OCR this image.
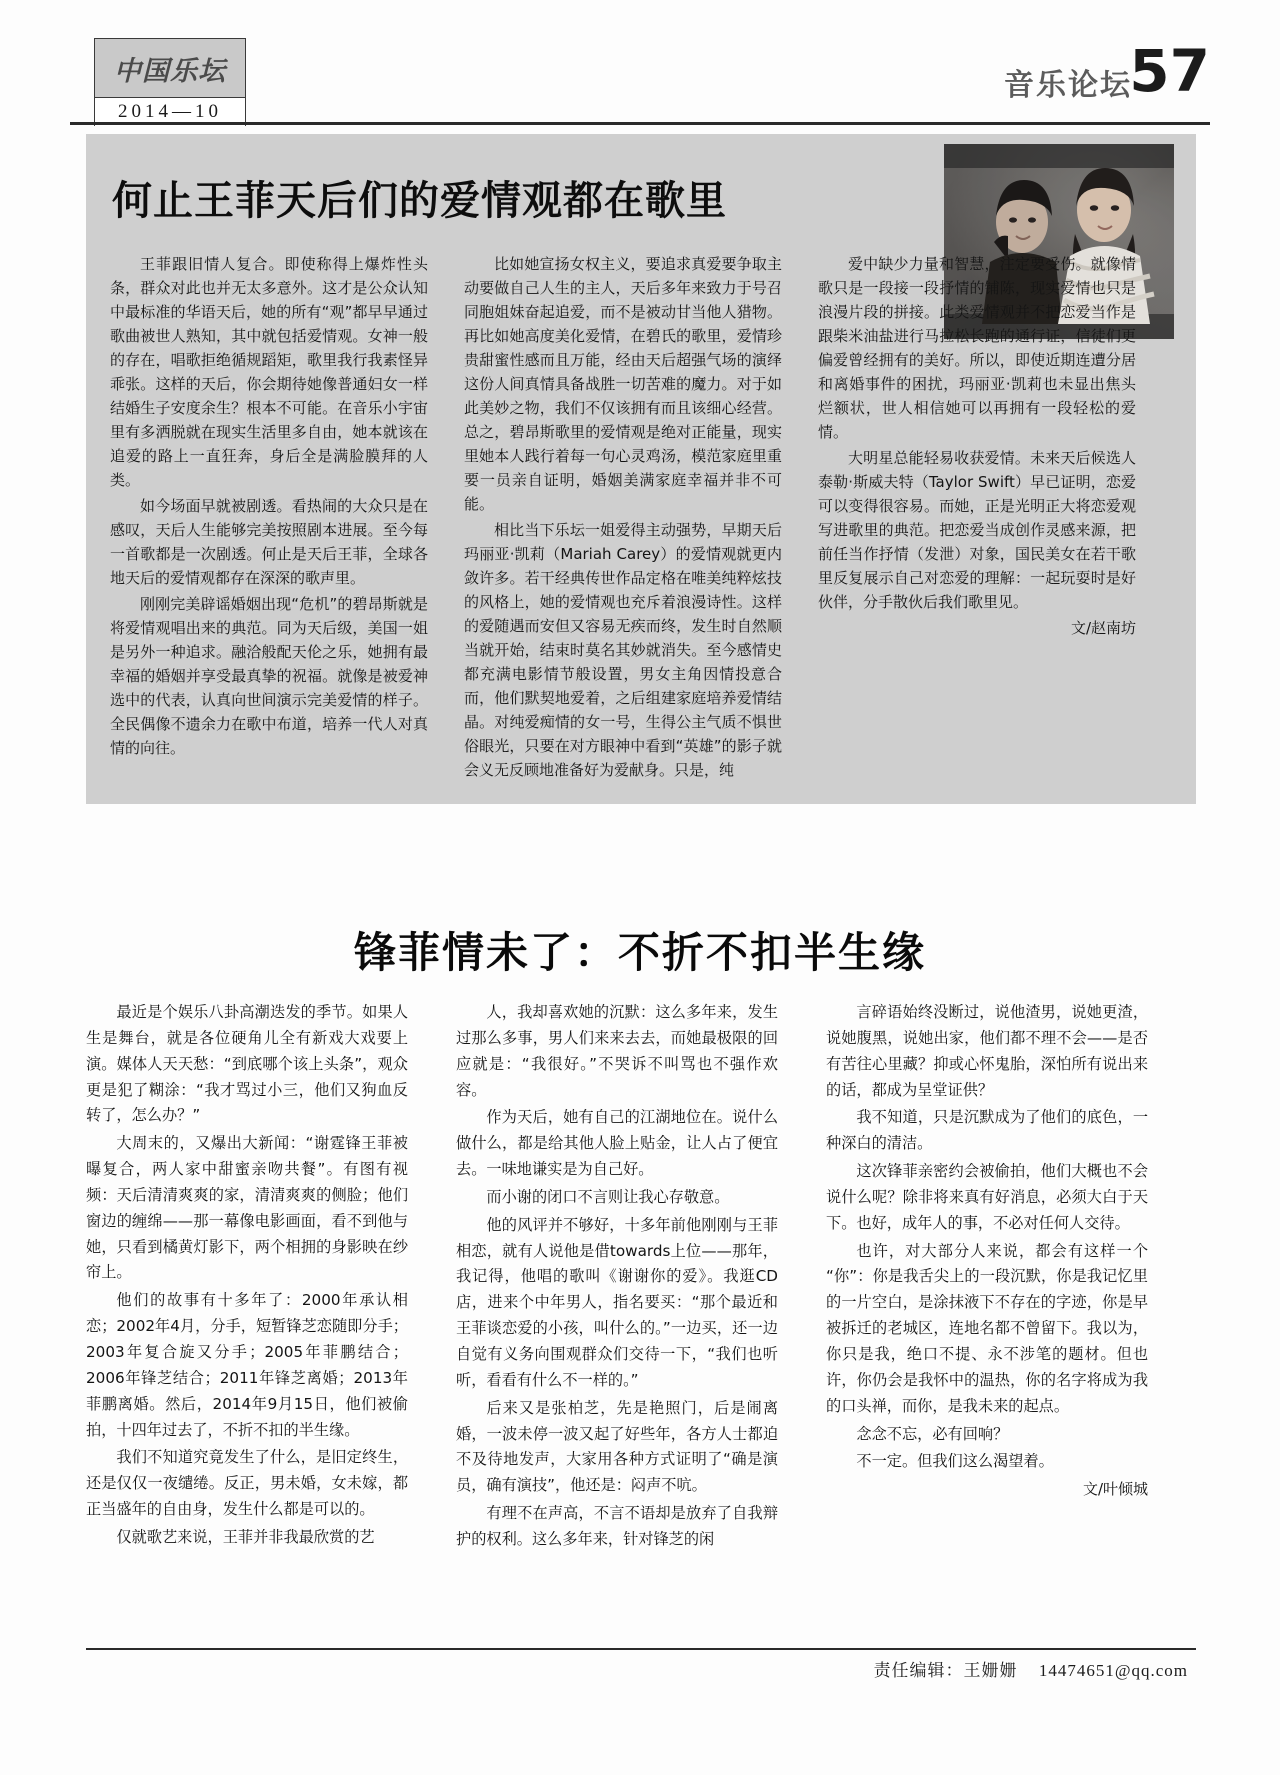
中国乐坛
2014—10
音乐论坛
57
何止王菲天后们的爱情观都在歌里

王菲跟旧情人复合。即使称得上爆炸性头条，群众对此也并无太多意外。这才是公众认知中最标准的华语天后，她的所有“观”都早早通过歌曲被世人熟知，其中就包括爱情观。女神一般的存在，唱歌拒绝循规蹈矩，歌里我行我素怪异乖张。这样的天后，你会期待她像普通妇女一样结婚生子安度余生？根本不可能。在音乐小宇宙里有多洒脱就在现实生活里多自由，她本就该在追爱的路上一直狂奔，身后全是满脸膜拜的人类。

如今场面早就被剧透。看热闹的大众只是在感叹，天后人生能够完美按照剧本进展。至今每一首歌都是一次剧透。何止是天后王菲，全球各地天后的爱情观都存在深深的歌声里。

刚刚完美辟谣婚姻出现“危机”的碧昂斯就是将爱情观唱出来的典范。同为天后级，美国一姐是另外一种追求。融洽般配天伦之乐，她拥有最幸福的婚姻并享受最真挚的祝福。就像是被爱神选中的代表，认真向世间演示完美爱情的样子。全民偶像不遗余力在歌中布道，培养一代人对真情的向往。

比如她宣扬女权主义，要追求真爱要争取主动要做自己人生的主人，天后多年来致力于号召同胞姐妹奋起追爱，而不是被动甘当他人猎物。再比如她高度美化爱情，在碧氏的歌里，爱情珍贵甜蜜性感而且万能，经由天后超强气场的演绎这份人间真情具备战胜一切苦难的魔力。对于如此美妙之物，我们不仅该拥有而且该细心经营。总之，碧昂斯歌里的爱情观是绝对正能量，现实里她本人践行着每一句心灵鸡汤，模范家庭里重要一员亲自证明，婚姻美满家庭幸福并非不可能。

相比当下乐坛一姐爱得主动强势，早期天后玛丽亚·凯莉（Mariah Carey）的爱情观就更内敛许多。若干经典传世作品定格在唯美纯粹炫技的风格上，她的爱情观也充斥着浪漫诗性。这样的爱随遇而安但又容易无疾而终，发生时自然顺当就开始，结束时莫名其妙就消失。至今感情史都充满电影情节般设置，男女主角因情投意合而，他们默契地爱着，之后组建家庭培养爱情结晶。对纯爱痴情的女一号，生得公主气质不惧世俗眼光，只要在对方眼神中看到“英雄”的影子就会义无反顾地准备好为爱献身。只是，纯

爱中缺少力量和智慧，注定要受伤。就像情歌只是一段接一段抒情的铺陈，现实爱情也只是浪漫片段的拼接。此类爱情观并不把恋爱当作是跟柴米油盐进行马拉松长跑的通行证，信徒们更偏爱曾经拥有的美好。所以，即使近期连遭分居和离婚事件的困扰，玛丽亚·凯莉也未显出焦头烂额状，世人相信她可以再拥有一段轻松的爱情。

大明星总能轻易收获爱情。未来天后候选人泰勒·斯威夫特（Taylor Swift）早已证明，恋爱可以变得很容易。而她，正是光明正大将恋爱观写进歌里的典范。把恋爱当成创作灵感来源，把前任当作抒情（发泄）对象，国民美女在若干歌里反复展示自己对恋爱的理解：一起玩耍时是好伙伴，分手散伙后我们歌里见。

文/赵南坊

锋菲情未了：不折不扣半生缘

最近是个娱乐八卦高潮迭发的季节。如果人生是舞台，就是各位硬角儿全有新戏大戏要上演。媒体人天天愁：“到底哪个该上头条”，观众更是犯了糊涂：“我才骂过小三，他们又狗血反转了，怎么办？”

大周末的，又爆出大新闻：“谢霆锋王菲被曝复合，两人家中甜蜜亲吻共餐”。有图有视频：天后清清爽爽的家，清清爽爽的侧脸；他们窗边的缠绵——那一幕像电影画面，看不到他与她，只看到橘黄灯影下，两个相拥的身影映在纱帘上。

他们的故事有十多年了：2000年承认相恋；2002年4月，分手，短暂锋芝恋随即分手；2003年复合旋又分手；2005年菲鹏结合；2006年锋芝结合；2011年锋芝离婚；2013年菲鹏离婚。然后，2014年9月15日，他们被偷拍，十四年过去了，不折不扣的半生缘。

我们不知道究竟发生了什么，是旧定终生，还是仅仅一夜缱绻。反正，男未婚，女未嫁，都正当盛年的自由身，发生什么都是可以的。

仅就歌艺来说，王菲并非我最欣赏的艺

人，我却喜欢她的沉默：这么多年来，发生过那么多事，男人们来来去去，而她最极限的回应就是：“我很好。”不哭诉不叫骂也不强作欢容。

作为天后，她有自己的江湖地位在。说什么做什么，都是给其他人脸上贴金，让人占了便宜去。一味地谦实是为自己好。

而小谢的闭口不言则让我心存敬意。

他的风评并不够好，十多年前他刚刚与王菲相恋，就有人说他是借towards上位——那年，我记得，他唱的歌叫《谢谢你的爱》。我逛CD店，进来个中年男人，指名要买：“那个最近和王菲谈恋爱的小孩，叫什么的。”一边买，还一边自觉有义务向围观群众们交待一下，“我们也听听，看看有什么不一样的。”

后来又是张柏芝，先是艳照门，后是闹离婚，一波未停一波又起了好些年，各方人士都迫不及待地发声，大家用各种方式证明了“确是演员，确有演技”，他还是：闷声不吭。

有理不在声高，不言不语却是放弃了自我辩护的权利。这么多年来，针对锋芝的闲

言碎语始终没断过，说他渣男，说她更渣，说她腹黑，说她出家，他们都不理不会——是否有苦往心里藏？抑或心怀鬼胎，深怕所有说出来的话，都成为呈堂证供？

我不知道，只是沉默成为了他们的底色，一种深白的清洁。

这次锋菲亲密约会被偷拍，他们大概也不会说什么呢？除非将来真有好消息，必须大白于天下。也好，成年人的事，不必对任何人交待。

也许，对大部分人来说，都会有这样一个“你”：你是我舌尖上的一段沉默，你是我记忆里的一片空白，是涂抹液下不存在的字迹，你是早被拆迁的老城区，连地名都不曾留下。我以为，你只是我，绝口不提、永不涉笔的题材。但也许，你仍会是我怀中的温热，你的名字将成为我的口头禅，而你，是我未来的起点。

念念不忘，必有回响？

不一定。但我们这么渴望着。

文/叶倾城

责任编辑：王姗姗 14474651@qq.com
